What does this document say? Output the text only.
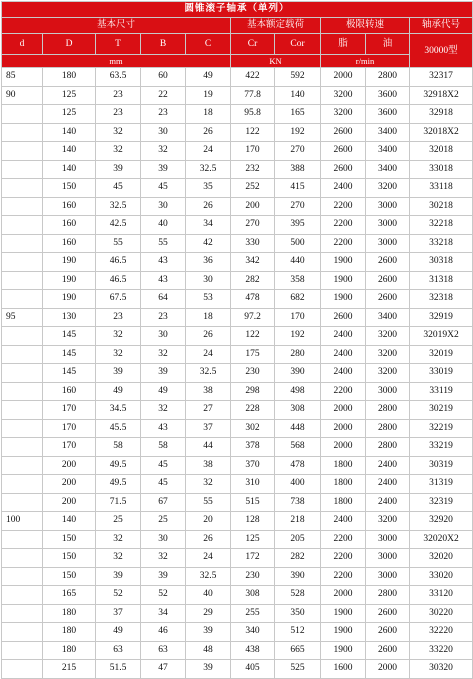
圆锥滚子轴承（单列）									
基本尺寸					基本额定载荷		极限转速		轴承代号
d	D	T	B	C	Cr	Cor	脂	油	30000型
mm					KN		r/min		
85	180	63.5	60	49	422	592	2000	2800	32317
90	125	23	22	19	77.8	140	3200	3600	32918X2
	125	23	23	18	95.8	165	3200	3600	32918
	140	32	30	26	122	192	2600	3400	32018X2
	140	32	32	24	170	270	2600	3400	32018
	140	39	39	32.5	232	388	2600	3400	33018
	150	45	45	35	252	415	2400	3200	33118
	160	32.5	30	26	200	270	2200	3000	30218
	160	42.5	40	34	270	395	2200	3000	32218
	160	55	55	42	330	500	2200	3000	33218
	190	46.5	43	36	342	440	1900	2600	30318
	190	46.5	43	30	282	358	1900	2600	31318
	190	67.5	64	53	478	682	1900	2600	32318
95	130	23	23	18	97.2	170	2600	3400	32919
	145	32	30	26	122	192	2400	3200	32019X2
	145	32	32	24	175	280	2400	3200	32019
	145	39	39	32.5	230	390	2400	3200	33019
	160	49	49	38	298	498	2200	3000	33119
	170	34.5	32	27	228	308	2000	2800	30219
	170	45.5	43	37	302	448	2000	2800	32219
	170	58	58	44	378	568	2000	2800	33219
	200	49.5	45	38	370	478	1800	2400	30319
	200	49.5	45	32	310	400	1800	2400	31319
	200	71.5	67	55	515	738	1800	2400	32319
100	140	25	25	20	128	218	2400	3200	32920
	150	32	30	26	125	205	2200	3000	32020X2
	150	32	32	24	172	282	2200	3000	32020
	150	39	39	32.5	230	390	2200	3000	33020
	165	52	52	40	308	528	2000	2800	33120
	180	37	34	29	255	350	1900	2600	30220
	180	49	46	39	340	512	1900	2600	32220
	180	63	63	48	438	665	1900	2600	33220
	215	51.5	47	39	405	525	1600	2000	30320
